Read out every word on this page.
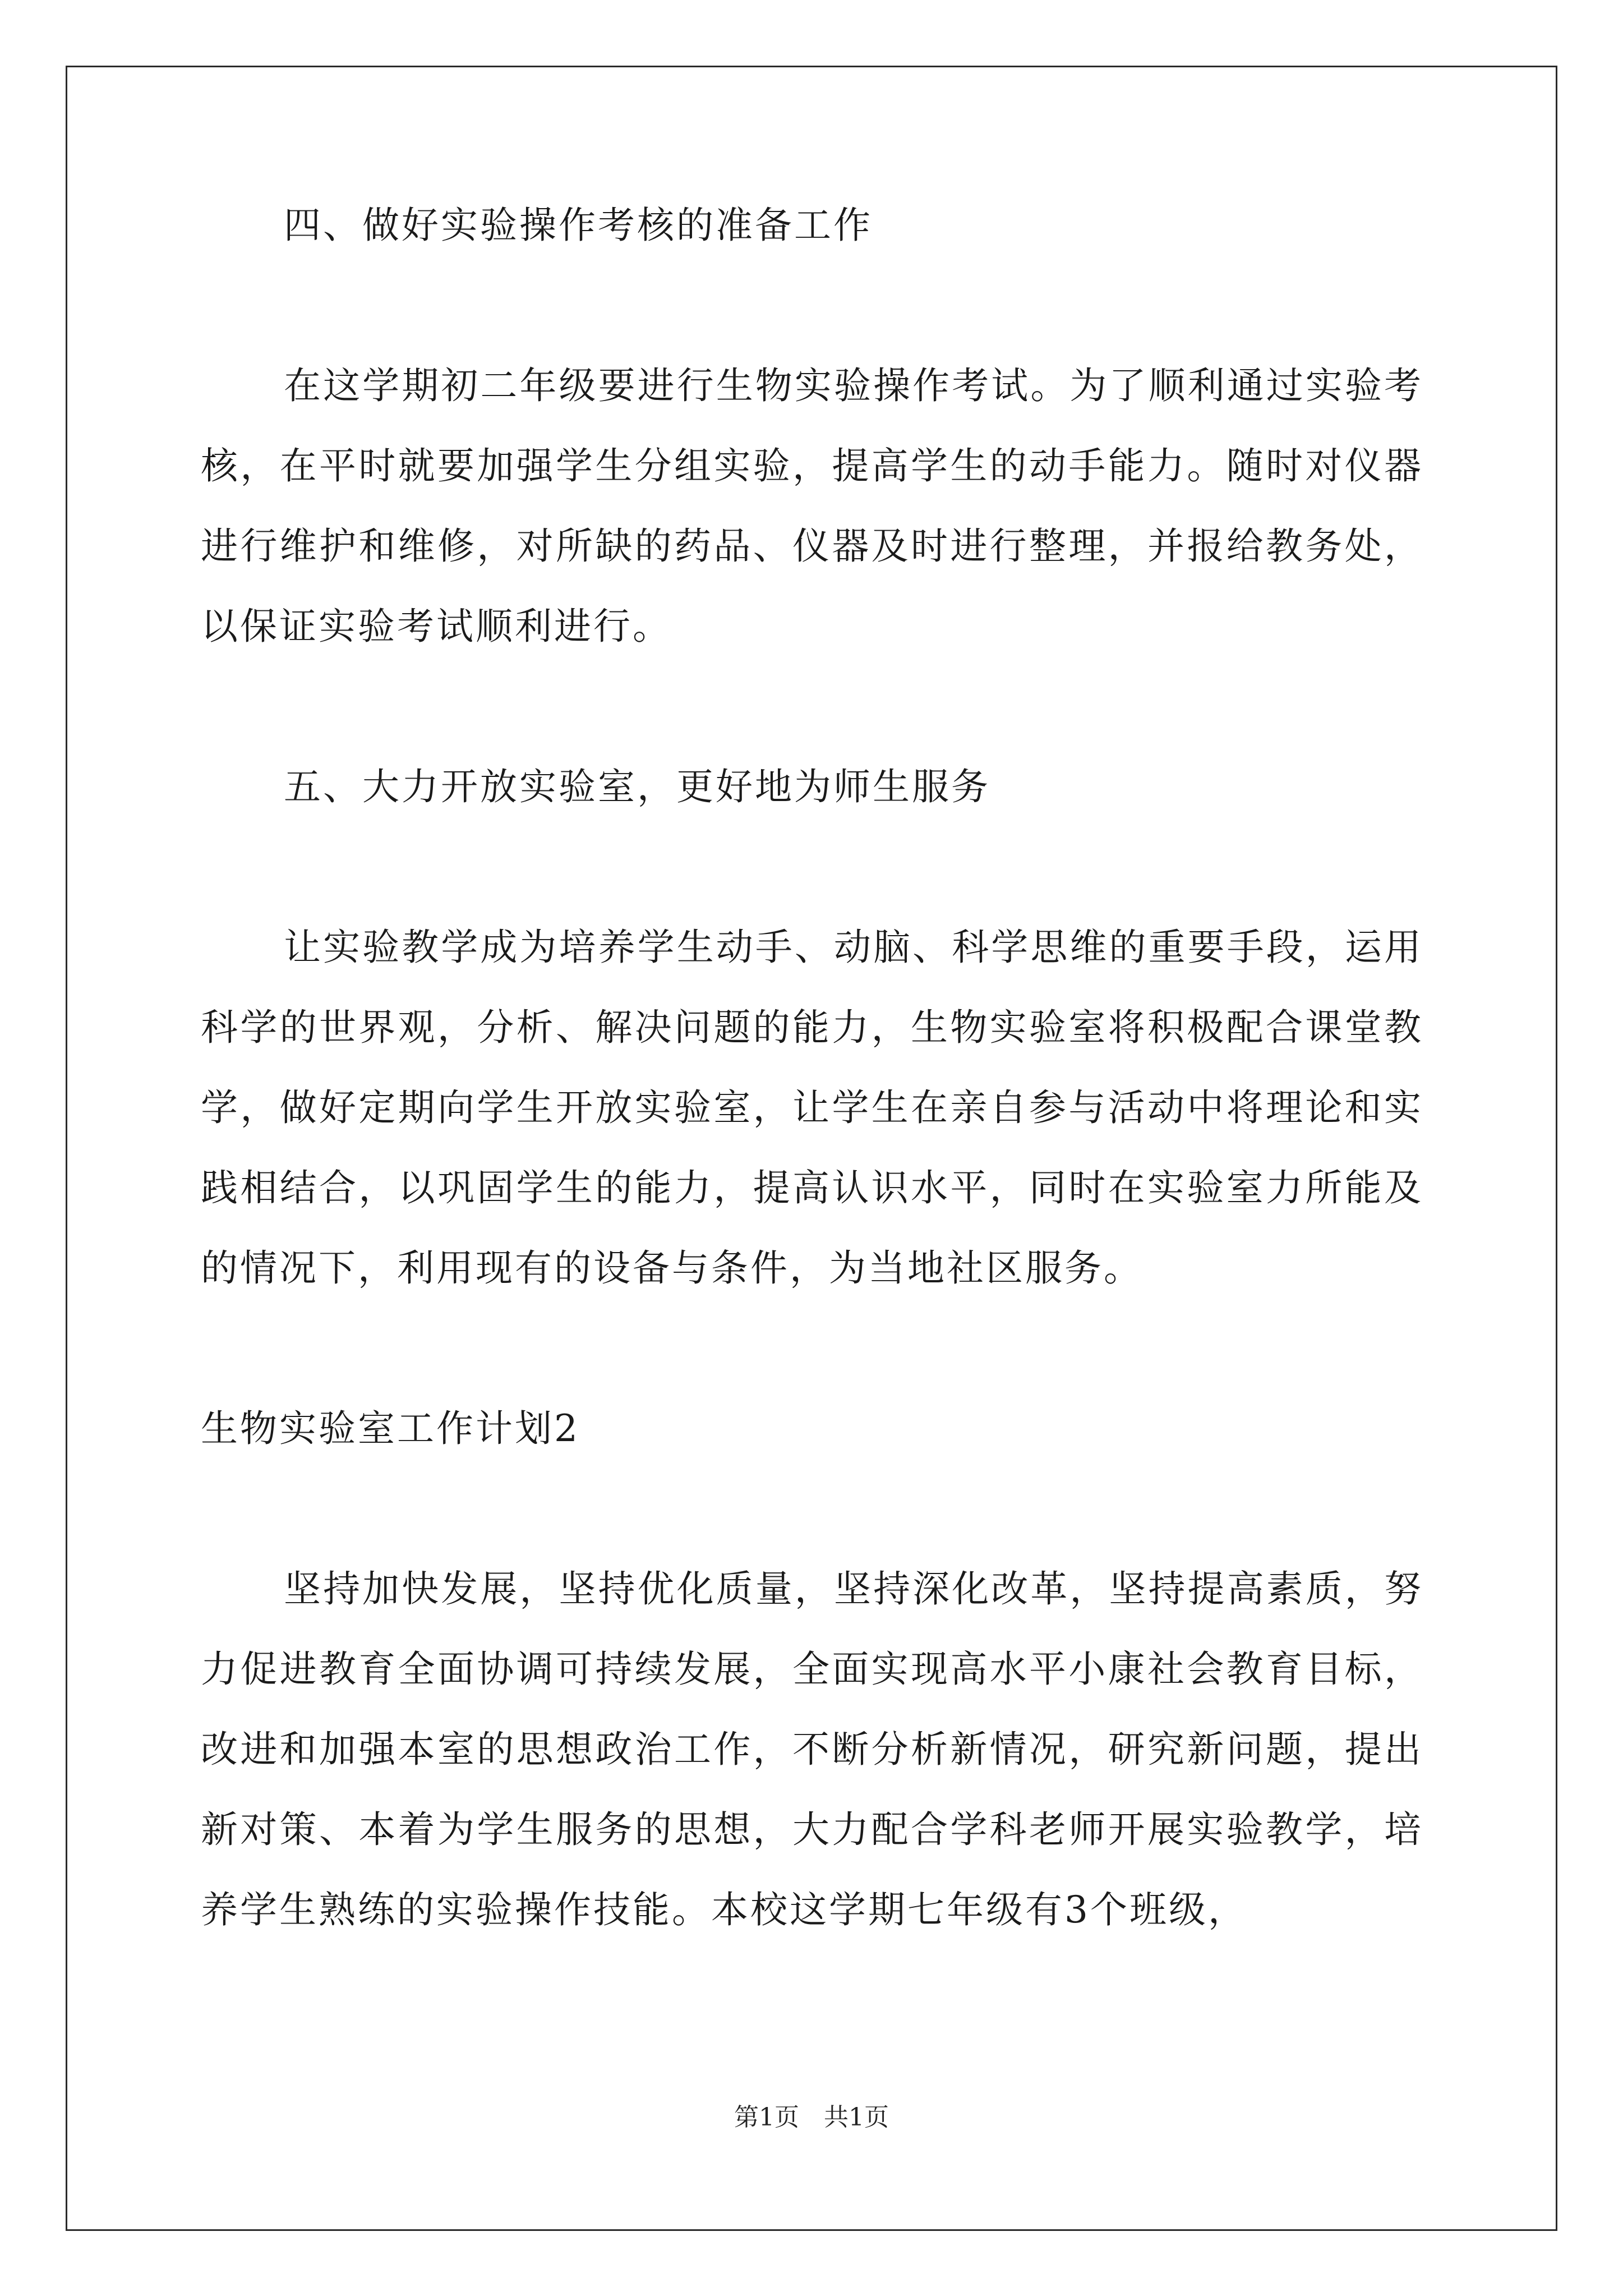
四、做好实验操作考核的准备工作

在这学期初二年级要进行生物实验操作考试。为了顺利通过实验考核，在平时就要加强学生分组实验，提高学生的动手能力。随时对仪器进行维护和维修，对所缺的药品、仪器及时进行整理，并报给教务处，以保证实验考试顺利进行。

五、大力开放实验室，更好地为师生服务

让实验教学成为培养学生动手、动脑、科学思维的重要手段，运用科学的世界观，分析、解决问题的能力，生物实验室将积极配合课堂教学，做好定期向学生开放实验室，让学生在亲自参与活动中将理论和实践相结合，以巩固学生的能力，提高认识水平，同时在实验室力所能及的情况下，利用现有的设备与条件，为当地社区服务。

生物实验室工作计划2

坚持加快发展，坚持优化质量，坚持深化改革，坚持提高素质，努力促进教育全面协调可持续发展，全面实现高水平小康社会教育目标，改进和加强本室的思想政治工作，不断分析新情况，研究新问题，提出新对策、本着为学生服务的思想，大力配合学科老师开展实验教学，培养学生熟练的实验操作技能。本校这学期七年级有3个班级，

第1页　共1页
